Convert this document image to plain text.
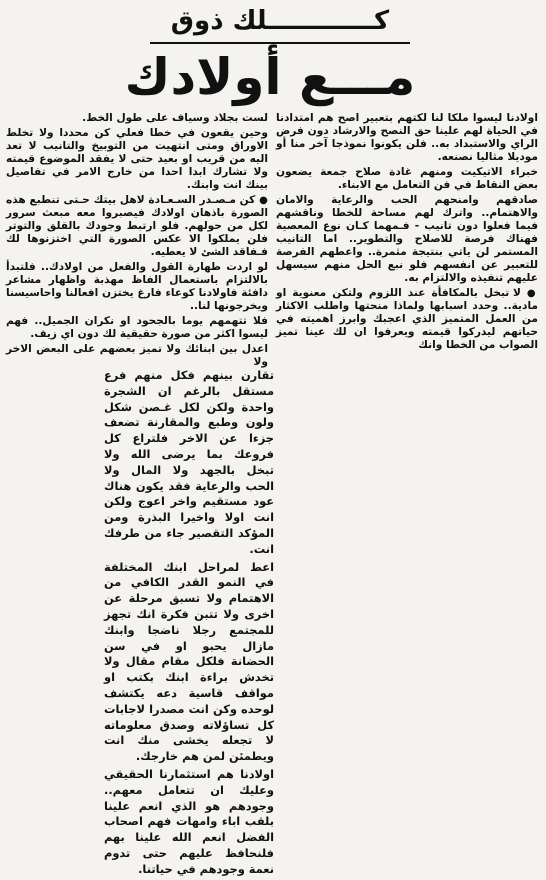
كــــــــــــلك ذوق
مـــع أولادك

اولادنا ليسوا ملكا لنا لكتهم بتعبير اصح هم امتدادنا في الحياة لهم علينا حق النصح والارشاد دون فرض الراي والاستبداد به.. فلن يكونوا نموذجا آخر منا أو موديلا مثاليا نصنعه.

خبراء الاتيكيت ومنهم غادة صلاح جمعة يضعون بعض النقاط في فن التعامل مع الابناء.

صادقهم وامنحهم الحب والرعاية والامان والاهتمام.. واترك لهم مساحة للخطا وناقشهم فيما فعلوا دون تانيب - فـمهما كـان نوع المعصية فهناك فرصة للاصلاح والتطوير.. اما التانيب المستمر لن ياتي بنتيجة مثمرة.. واعطهم الفرصة للتعبير عن انفسهم فلو نبع الحل منهم سيسهل عليهم تنفيذه والالتزام به.

● لا تبخل بالمكافأة عند اللزوم ولتكن معنوية او مادية.. وحدد اسبابها ولماذا منحتها واطلب الاكثار من العمل المتميز الذي اعجبك وابرز اهميته في حياتهم ليدركوا قيمته ويعرفوا ان لك عينا تميز الصواب من الخطا وانك

لست بجلاد وسياف على طول الخط.

وحين يقعون في خطا فعلي كن محددا ولا تخلط الاوراق ومتى انتهيت من التوبيخ والتانيب لا تعد اليه من قريب او بعيد حتى لا يفقد الموضوع قيمته ولا تشارك ابدا احدا من خارج الامر في تفاصيل بينك انت وابنك.

● كن مـصـدر السـعـادة لاهل بيتك حـتى تنطبع هذه الصورة باذهان اولادك فيصبروا معه مبعث سرور لكل من حولهم. فلو ارتبط وجودك بالقلق والتوتر فلن يملكوا الا عكس الصورة التي اختزنوها لك فـفاقد الشئ لا يعطيه.

لو اردت طهارة القول والفعل من اولادك.. فلتبدأ بالالتزام باستعمال الفاظ مهذبة واظهار مشاعر دافئة فاولادنا كوعاء فارغ يختزن افعالنا واحاسيسنا ويخرجونها لنا..

فلا تتهمهم يوما بالجحود او نكران الجميل.. فهم ليسوا اكثر من صورة حقيقية لك دون اي زيف.

اعدل بين ابنائك ولا تميز بعضهم على البعض الاخر ولا

تقارن بينهم فكل منهم فرع مستقل بالرغم ان الشجرة واحدة ولكن لكل غـصن شكل ولون وطبع والمقارنة تضعف جزءا عن الاخر فلتراع كل فروعك بما يرضى الله ولا تبخل بالجهد ولا المال ولا الحب والرعاية فقد يكون هناك عود مستقيم واخر اعوج ولكن انت اولا واخيرا البذرة ومن المؤكد التقصير جاء من طرفك انت.

اعط لمراحل ابنك المختلفة في النمو القدر الكافي من الاهتمام ولا تسبق مرحلة عن اخرى ولا تتبن فكرة انك تجهز للمجتمع رجلا ناضجا وابنك مازال يحبو او في سن الحضانة فلكل مقام مقال ولا تخدش براءة ابنك بكتب او مواقف قاسية دعه يكتشف لوحده وكن انت مصدرا لاجابات كل تساؤلاته وصدق معلوماته لا تجعله يخشى منك انت ويطمئن لمن هم خارجك.

اولادنا هم استثمارنا الحقيقي وعليك ان تتعامل معهم.. وجودهم هو الذي انعم علينا بلقب اباء وامهات فهم اصحاب الفضل انعم الله علينا بهم فلنحافظ عليهم حتى تدوم نعمة وجودهم في حياتنا.
